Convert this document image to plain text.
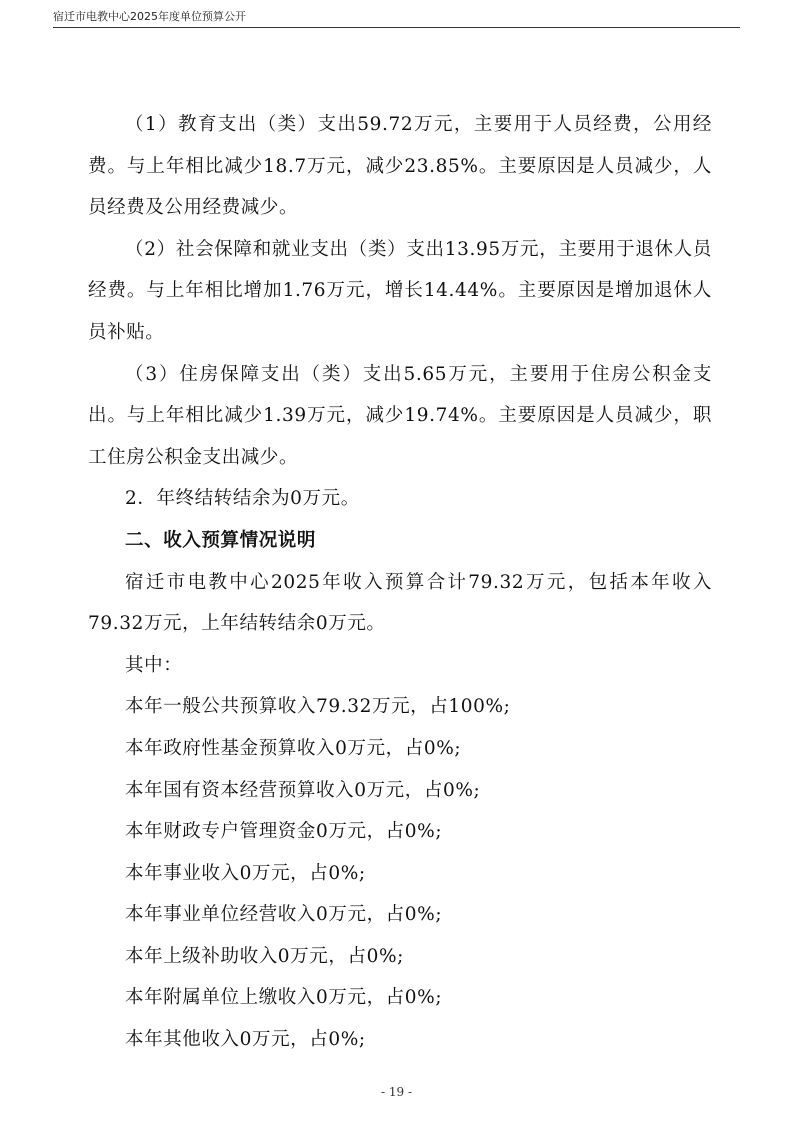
宿迁市电教中心2025年度单位预算公开

（1）教育支出（类）支出59.72万元，主要用于人员经费，公用经费。与上年相比减少18.7万元，减少23.85%。主要原因是人员减少，人员经费及公用经费减少。

（2）社会保障和就业支出（类）支出13.95万元，主要用于退休人员经费。与上年相比增加1.76万元，增长14.44%。主要原因是增加退休人员补贴。

（3）住房保障支出（类）支出5.65万元，主要用于住房公积金支出。与上年相比减少1.39万元，减少19.74%。主要原因是人员减少，职工住房公积金支出减少。

2．年终结转结余为0万元。

二、收入预算情况说明

宿迁市电教中心2025年收入预算合计79.32万元，包括本年收入79.32万元，上年结转结余0万元。

其中：

本年一般公共预算收入79.32万元，占100%;

本年政府性基金预算收入0万元，占0%;

本年国有资本经营预算收入0万元，占0%;

本年财政专户管理资金0万元，占0%;

本年事业收入0万元，占0%;

本年事业单位经营收入0万元，占0%;

本年上级补助收入0万元，占0%;

本年附属单位上缴收入0万元，占0%;

本年其他收入0万元，占0%;

- 19 -
